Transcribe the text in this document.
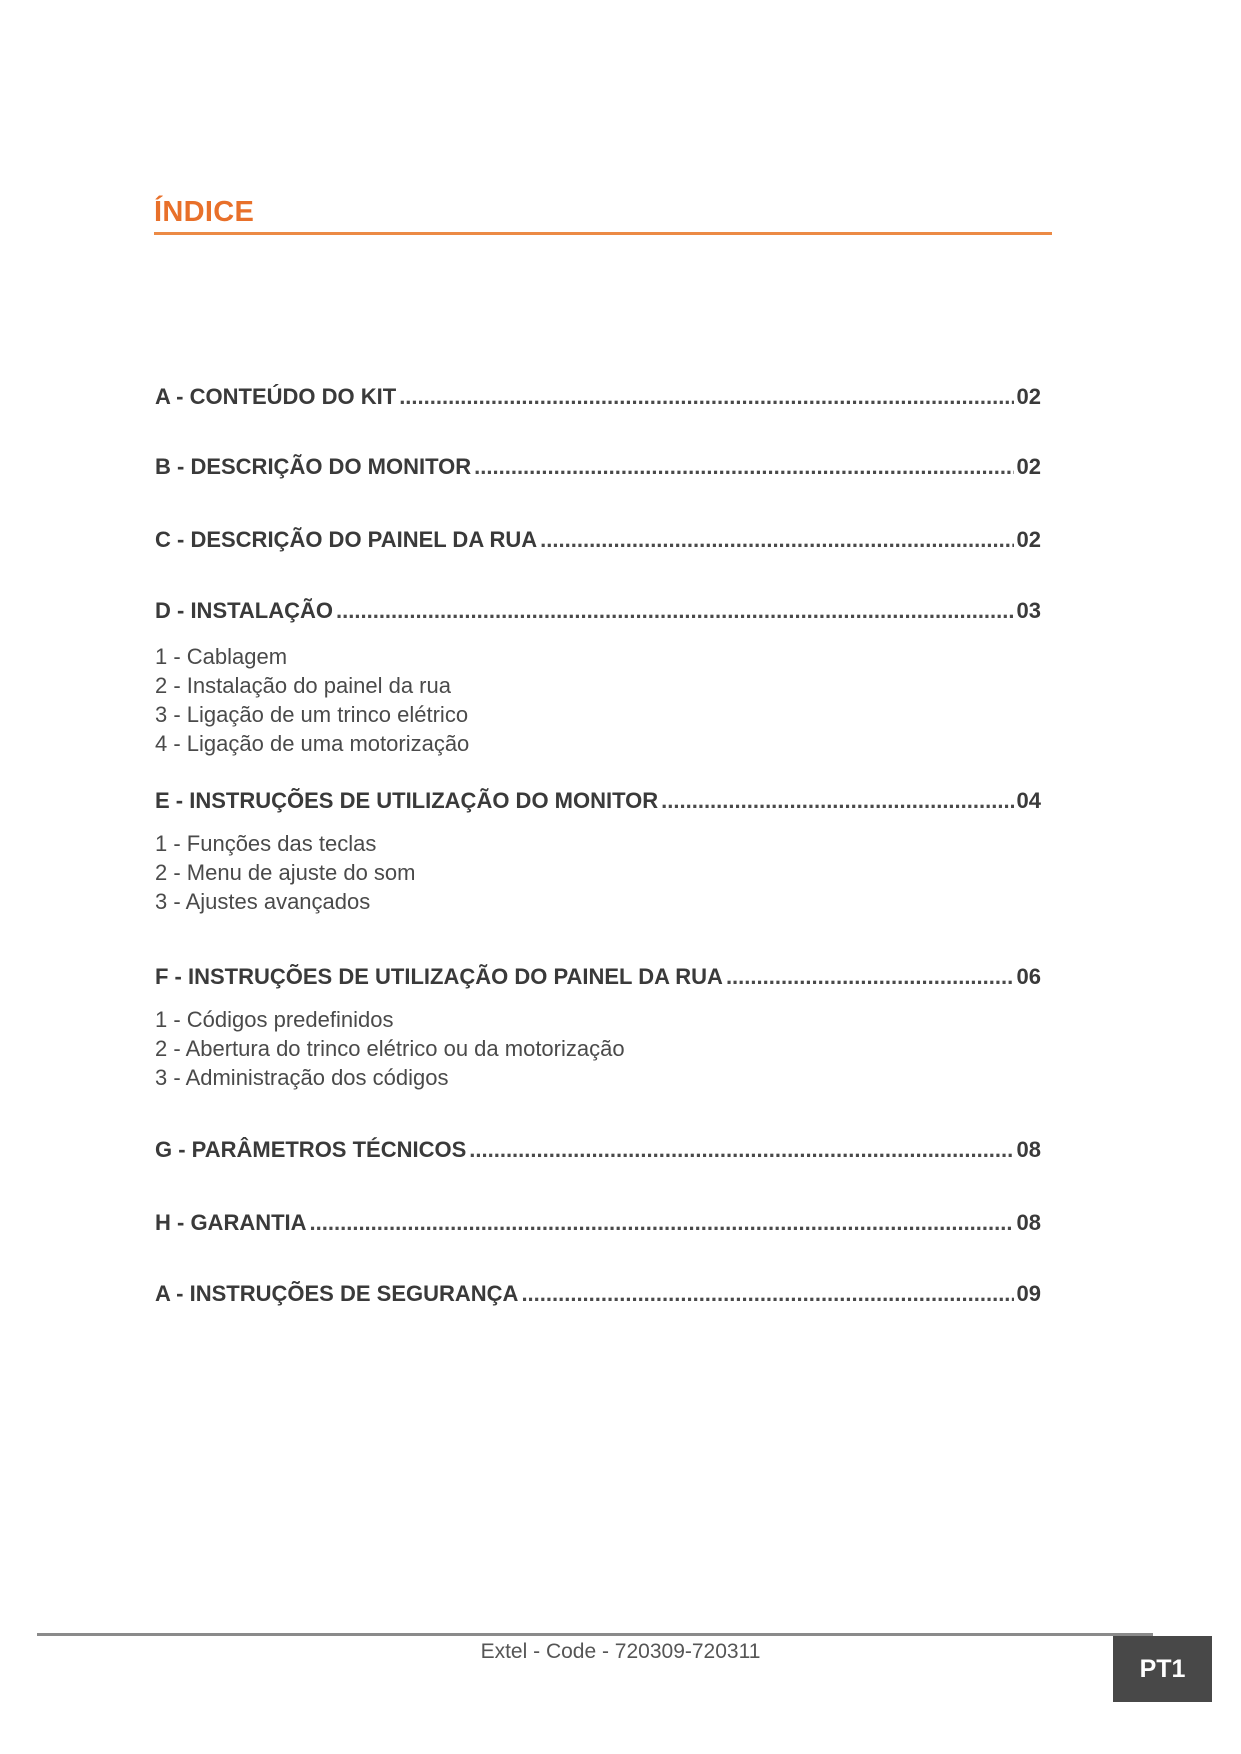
ÍNDICE
A - CONTEÚDO DO KIT .....	02
B - DESCRIÇÃO DO MONITOR .....	02
C - DESCRIÇÃO DO PAINEL DA RUA .....	02
D - INSTALAÇÃO .....	03
1 - Cablagem
2 - Instalação do painel da rua
3 - Ligação de um trinco elétrico
4 - Ligação de uma motorização
E - INSTRUÇÕES DE UTILIZAÇÃO DO MONITOR .....	04
1 - Funções das teclas
2 - Menu de ajuste do som
3 - Ajustes avançados
F - INSTRUÇÕES DE UTILIZAÇÃO DO PAINEL DA RUA .....	06
1 - Códigos predefinidos
2 - Abertura do trinco elétrico ou da motorização
3 - Administração dos códigos
G - PARÂMETROS TÉCNICOS .....	08
H - GARANTIA .....	08
A - INSTRUÇÕES DE SEGURANÇA .....	09
Extel - Code - 720309-720311
PT1
